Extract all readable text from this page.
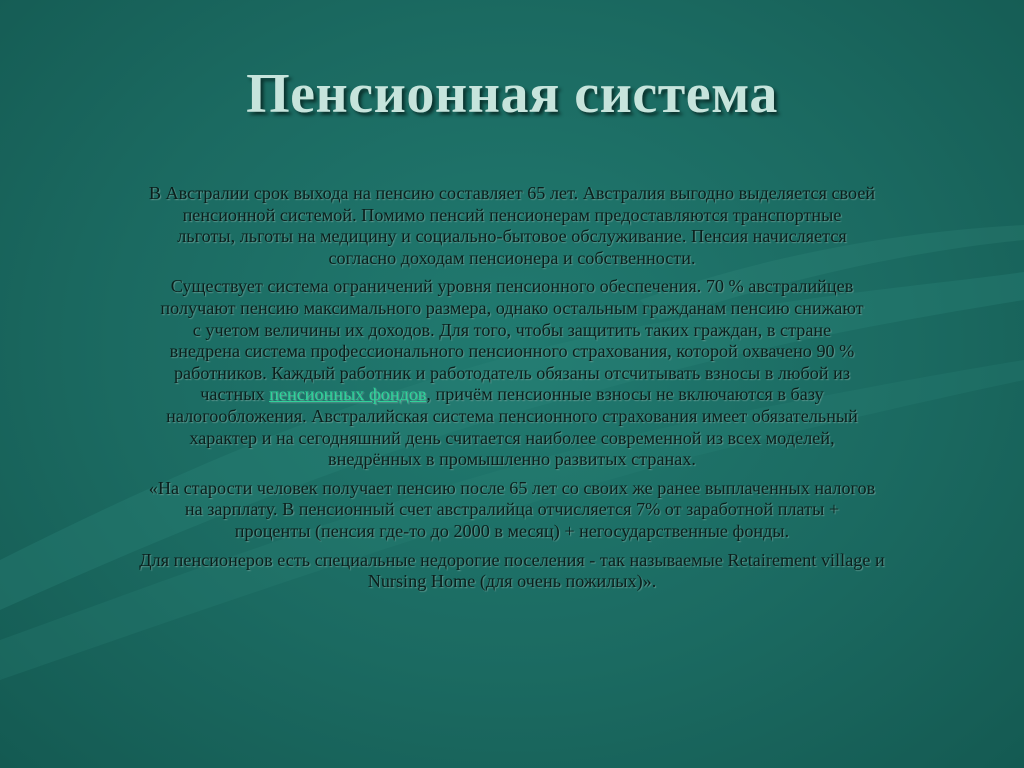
Пенсионная система

В Австралии срок выхода на пенсию составляет 65 лет. Австралия выгодно выделяется своей
пенсионной системой. Помимо пенсий пенсионерам предоставляются транспортные
льготы, льготы на медицину и социально-бытовое обслуживание. Пенсия начисляется
согласно доходам пенсионера и собственности.

Существует система ограничений уровня пенсионного обеспечения. 70 % австралийцев
получают пенсию максимального размера, однако остальным гражданам пенсию снижают
с учетом величины их доходов. Для того, чтобы защитить таких граждан, в стране
внедрена система профессионального пенсионного страхования, которой охвачено 90 %
работников. Каждый работник и работодатель обязаны отсчитывать взносы в любой из
частных пенсионных фондов, причём пенсионные взносы не включаются в базу
налогообложения. Австралийская система пенсионного страхования имеет обязательный
характер и на сегодняшний день считается наиболее современной из всех моделей,
внедрённых в промышленно развитых странах.

«На старости человек получает пенсию после 65 лет со своих же ранее выплаченных налогов
на зарплату. В пенсионный счет австралийца отчисляется 7% от заработной платы +
проценты (пенсия где-то до 2000 в месяц) + негосударственные фонды.

Для пенсионеров есть специальные недорогие поселения - так называемые Retairement village и
Nursing Home (для очень пожилых)».
